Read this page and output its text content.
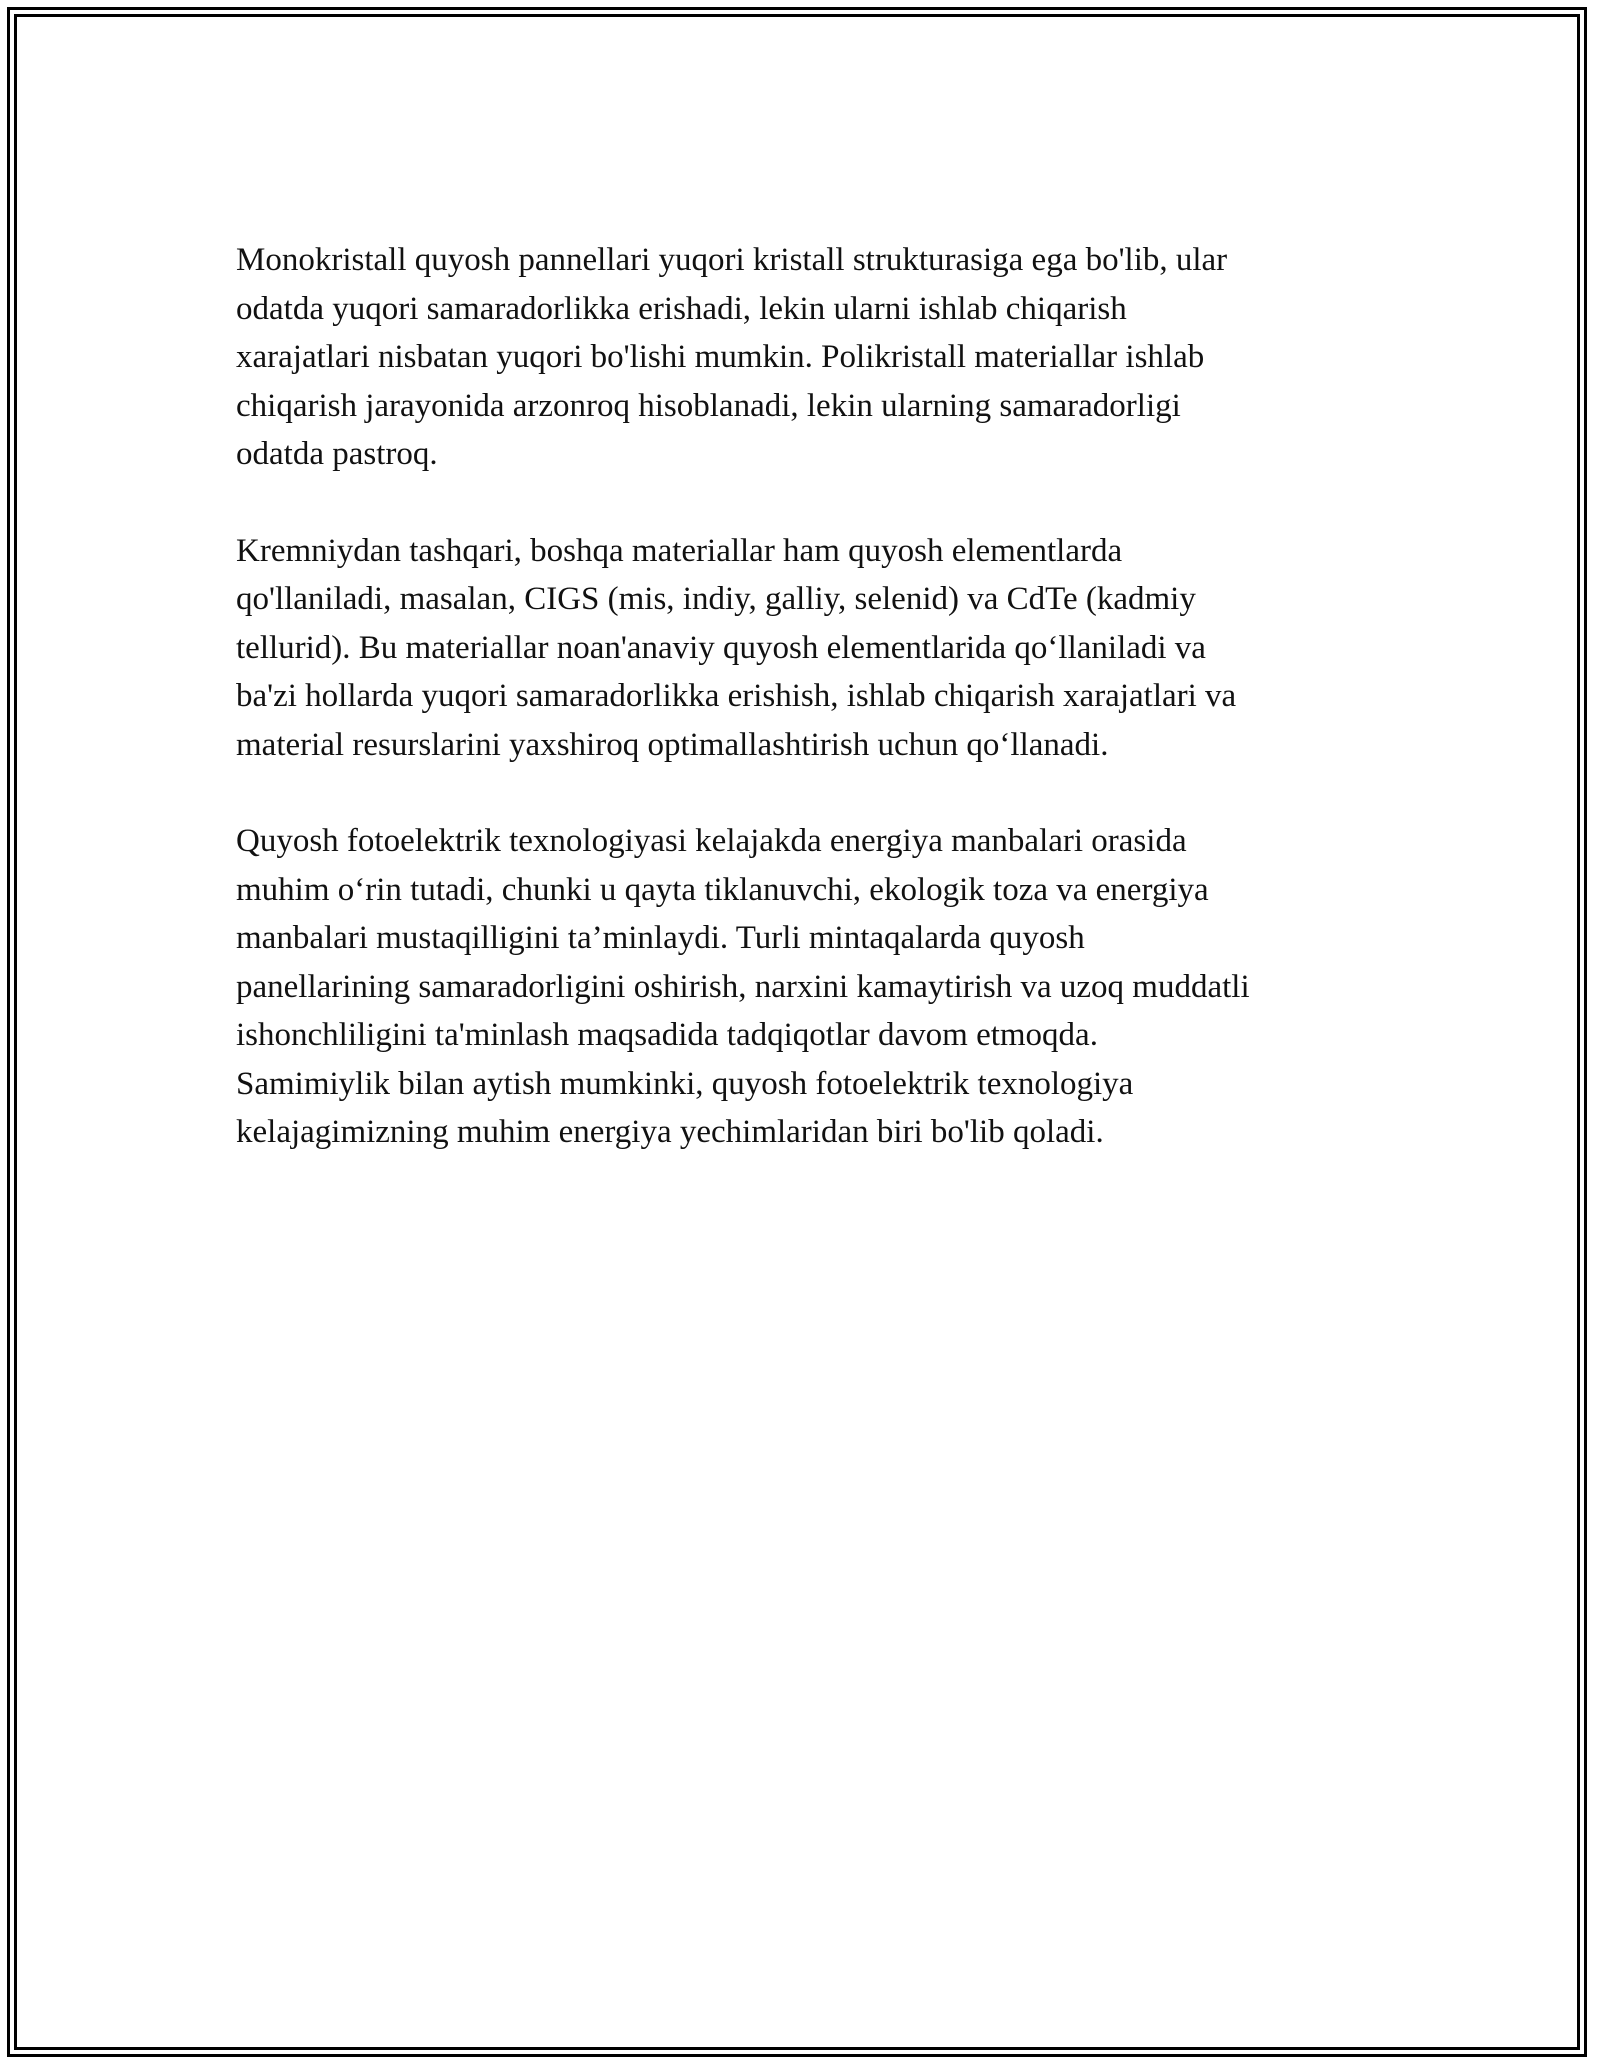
Monokristall quyosh pannellari yuqori kristall strukturasiga ega bo'lib, ular
odatda yuqori samaradorlikka erishadi, lekin ularni ishlab chiqarish
xarajatlari nisbatan yuqori bo'lishi mumkin. Polikristall materiallar ishlab
chiqarish jarayonida arzonroq hisoblanadi, lekin ularning samaradorligi
odatda pastroq.

Kremniydan tashqari, boshqa materiallar ham quyosh elementlarda
qo'llaniladi, masalan, CIGS (mis, indiy, galliy, selenid) va CdTe (kadmiy
tellurid). Bu materiallar noan'anaviy quyosh elementlarida qo‘llaniladi va
ba'zi hollarda yuqori samaradorlikka erishish, ishlab chiqarish xarajatlari va
material resurslarini yaxshiroq optimallashtirish uchun qo‘llanadi.

Quyosh fotoelektrik texnologiyasi kelajakda energiya manbalari orasida
muhim o‘rin tutadi, chunki u qayta tiklanuvchi, ekologik toza va energiya
manbalari mustaqilligini ta’minlaydi. Turli mintaqalarda quyosh
panellarining samaradorligini oshirish, narxini kamaytirish va uzoq muddatli
ishonchliligini ta'minlash maqsadida tadqiqotlar davom etmoqda.
Samimiylik bilan aytish mumkinki, quyosh fotoelektrik texnologiya
kelajagimizning muhim energiya yechimlaridan biri bo'lib qoladi.
